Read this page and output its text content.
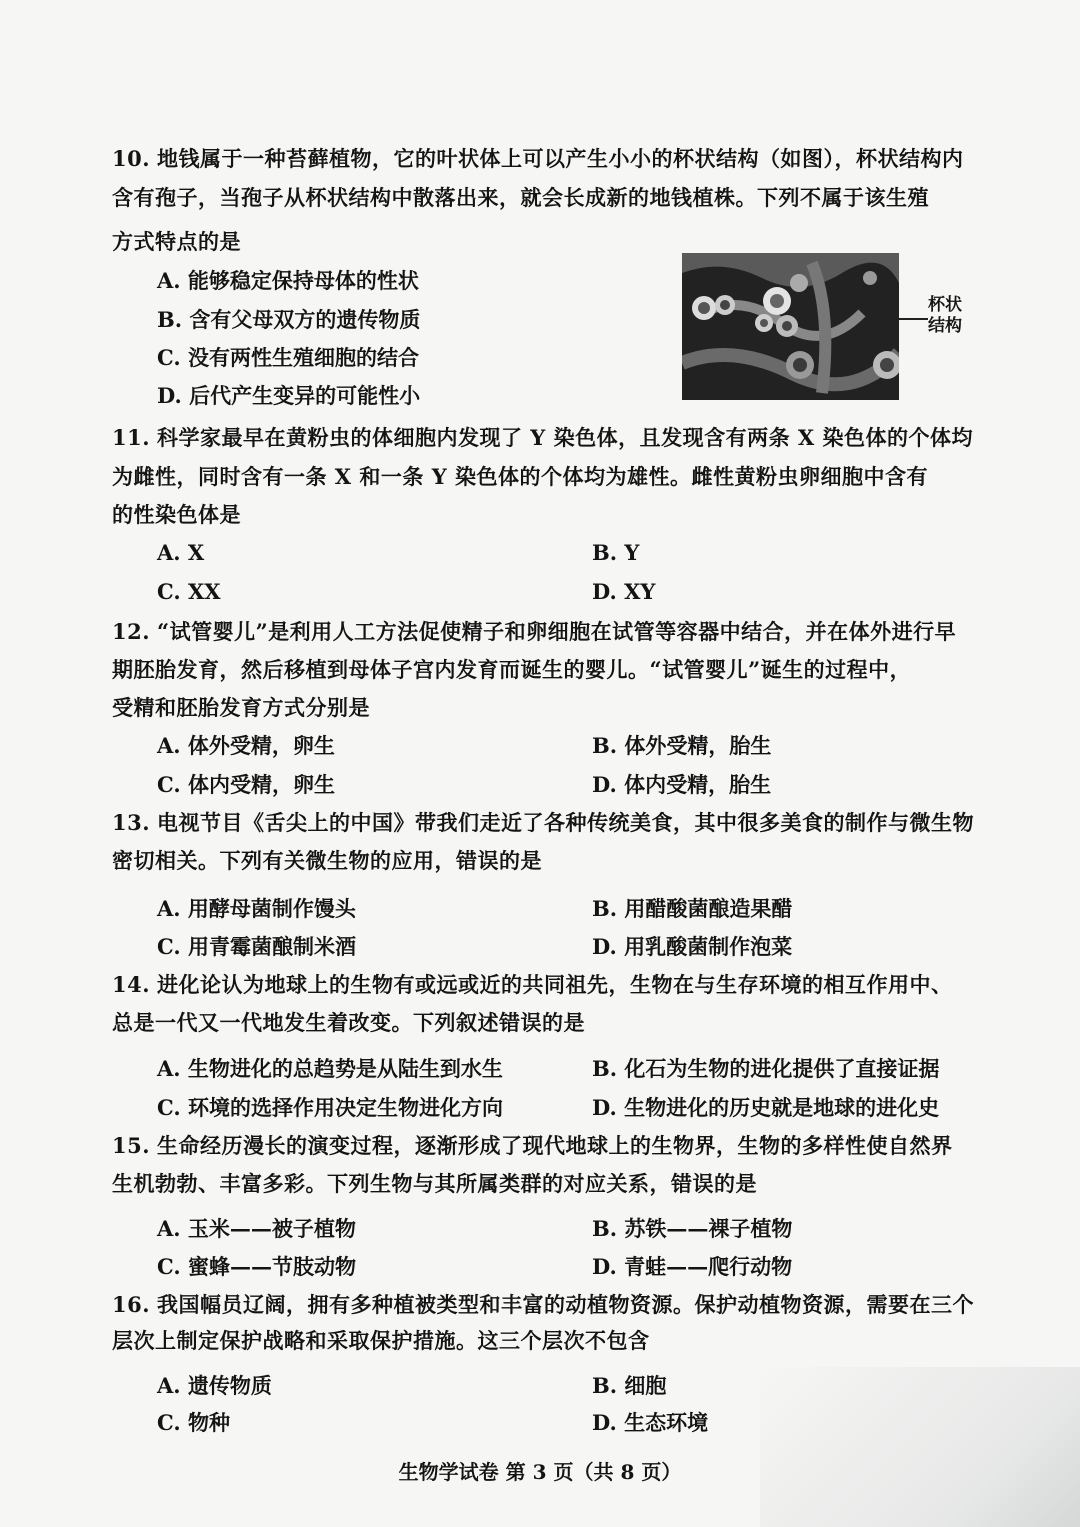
10. 地钱属于一种苔藓植物，它的叶状体上可以产生小小的杯状结构（如图），杯状结构内
含有孢子，当孢子从杯状结构中散落出来，就会长成新的地钱植株。下列不属于该生殖
方式特点的是
A. 能够稳定保持母体的性状
B. 含有父母双方的遗传物质
C. 没有两性生殖细胞的结合
D. 后代产生变异的可能性小
杯状
结构
11. 科学家最早在黄粉虫的体细胞内发现了 Y 染色体，且发现含有两条 X 染色体的个体均
为雌性，同时含有一条 X 和一条 Y 染色体的个体均为雄性。雌性黄粉虫卵细胞中含有
的性染色体是
A. X	B. Y
C. XX	D. XY
12. “试管婴儿”是利用人工方法促使精子和卵细胞在试管等容器中结合，并在体外进行早
期胚胎发育，然后移植到母体子宫内发育而诞生的婴儿。“试管婴儿”诞生的过程中，
受精和胚胎发育方式分别是
A. 体外受精，卵生	B. 体外受精，胎生
C. 体内受精，卵生	D. 体内受精，胎生
13. 电视节目《舌尖上的中国》带我们走近了各种传统美食，其中很多美食的制作与微生物
密切相关。下列有关微生物的应用，错误的是
A. 用酵母菌制作馒头	B. 用醋酸菌酿造果醋
C. 用青霉菌酿制米酒	D. 用乳酸菌制作泡菜
14. 进化论认为地球上的生物有或远或近的共同祖先，生物在与生存环境的相互作用中、
总是一代又一代地发生着改变。下列叙述错误的是
A. 生物进化的总趋势是从陆生到水生	B. 化石为生物的进化提供了直接证据
C. 环境的选择作用决定生物进化方向	D. 生物进化的历史就是地球的进化史
15. 生命经历漫长的演变过程，逐渐形成了现代地球上的生物界，生物的多样性使自然界
生机勃勃、丰富多彩。下列生物与其所属类群的对应关系，错误的是
A. 玉米——被子植物	B. 苏铁——裸子植物
C. 蜜蜂——节肢动物	D. 青蛙——爬行动物
16. 我国幅员辽阔，拥有多种植被类型和丰富的动植物资源。保护动植物资源，需要在三个
层次上制定保护战略和采取保护措施。这三个层次不包含
A. 遗传物质	B. 细胞
C. 物种	D. 生态环境
生物学试卷 第 3 页（共 8 页）
